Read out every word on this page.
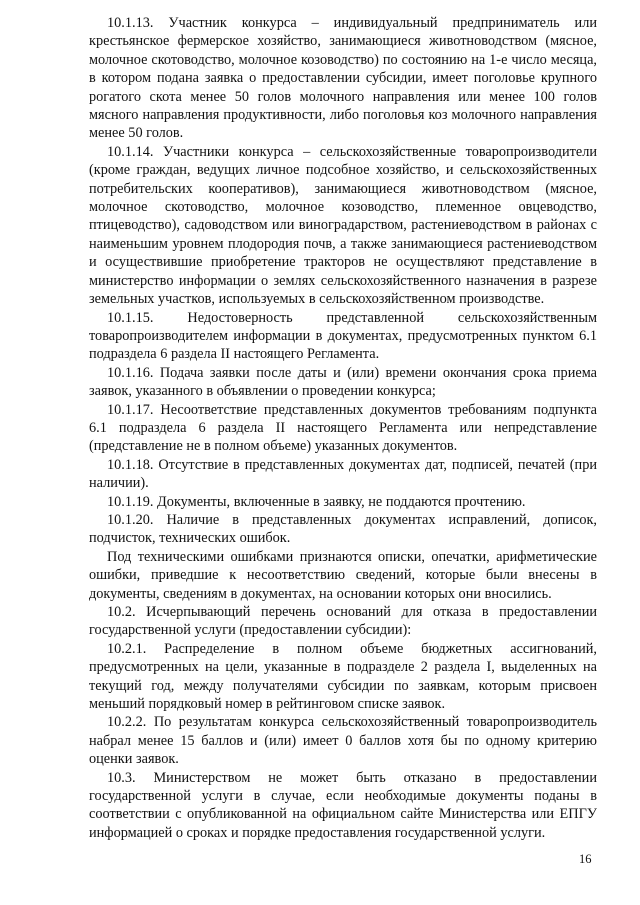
10.1.13. Участник конкурса – индивидуальный предприниматель или крестьянское фермерское хозяйство, занимающиеся животноводством (мясное, молочное скотоводство, молочное козоводство) по состоянию на 1-е число месяца, в котором подана заявка о предоставлении субсидии, имеет поголовье крупного рогатого скота менее 50 голов молочного направления или менее 100 голов мясного направления продуктивности, либо поголовья коз молочного направления менее 50 голов.

10.1.14. Участники конкурса – сельскохозяйственные товаропроизводители (кроме граждан, ведущих личное подсобное хозяйство, и сельскохозяйственных потребительских кооперативов), занимающиеся животноводством (мясное, молочное скотоводство, молочное козоводство, племенное овцеводство, птицеводство), садоводством или виноградарством, растениеводством в районах с наименьшим уровнем плодородия почв, а также занимающиеся растениеводством и осуществившие приобретение тракторов не осуществляют представление в министерство информации о землях сельскохозяйственного назначения в разрезе земельных участков, используемых в сельскохозяйственном производстве.

10.1.15. Недостоверность представленной сельскохозяйственным товаропроизводителем информации в документах, предусмотренных пунктом 6.1 подраздела 6 раздела II настоящего Регламента.

10.1.16. Подача заявки после даты и (или) времени окончания срока приема заявок, указанного в объявлении о проведении конкурса;

10.1.17. Несоответствие представленных документов требованиям подпункта 6.1 подраздела 6 раздела II настоящего Регламента или непредставление (представление не в полном объеме) указанных документов.

10.1.18. Отсутствие в представленных документах дат, подписей, печатей (при наличии).

10.1.19. Документы, включенные в заявку, не поддаются прочтению.

10.1.20. Наличие в представленных документах исправлений, дописок, подчисток, технических ошибок.

Под техническими ошибками признаются описки, опечатки, арифметические ошибки, приведшие к несоответствию сведений, которые были внесены в документы, сведениям в документах, на основании которых они вносились.

10.2. Исчерпывающий перечень оснований для отказа в предоставлении государственной услуги (предоставлении субсидии):

10.2.1. Распределение в полном объеме бюджетных ассигнований, предусмотренных на цели, указанные в подразделе 2 раздела I, выделенных на текущий год, между получателями субсидии по заявкам, которым присвоен меньший порядковый номер в рейтинговом списке заявок.

10.2.2. По результатам конкурса сельскохозяйственный товаропроизводитель набрал менее 15 баллов и (или) имеет 0 баллов хотя бы по одному критерию оценки заявок.

10.3. Министерством не может быть отказано в предоставлении государственной услуги в случае, если необходимые документы поданы в соответствии с опубликованной на официальном сайте Министерства или ЕПГУ информацией о сроках и порядке предоставления государственной услуги.

16
